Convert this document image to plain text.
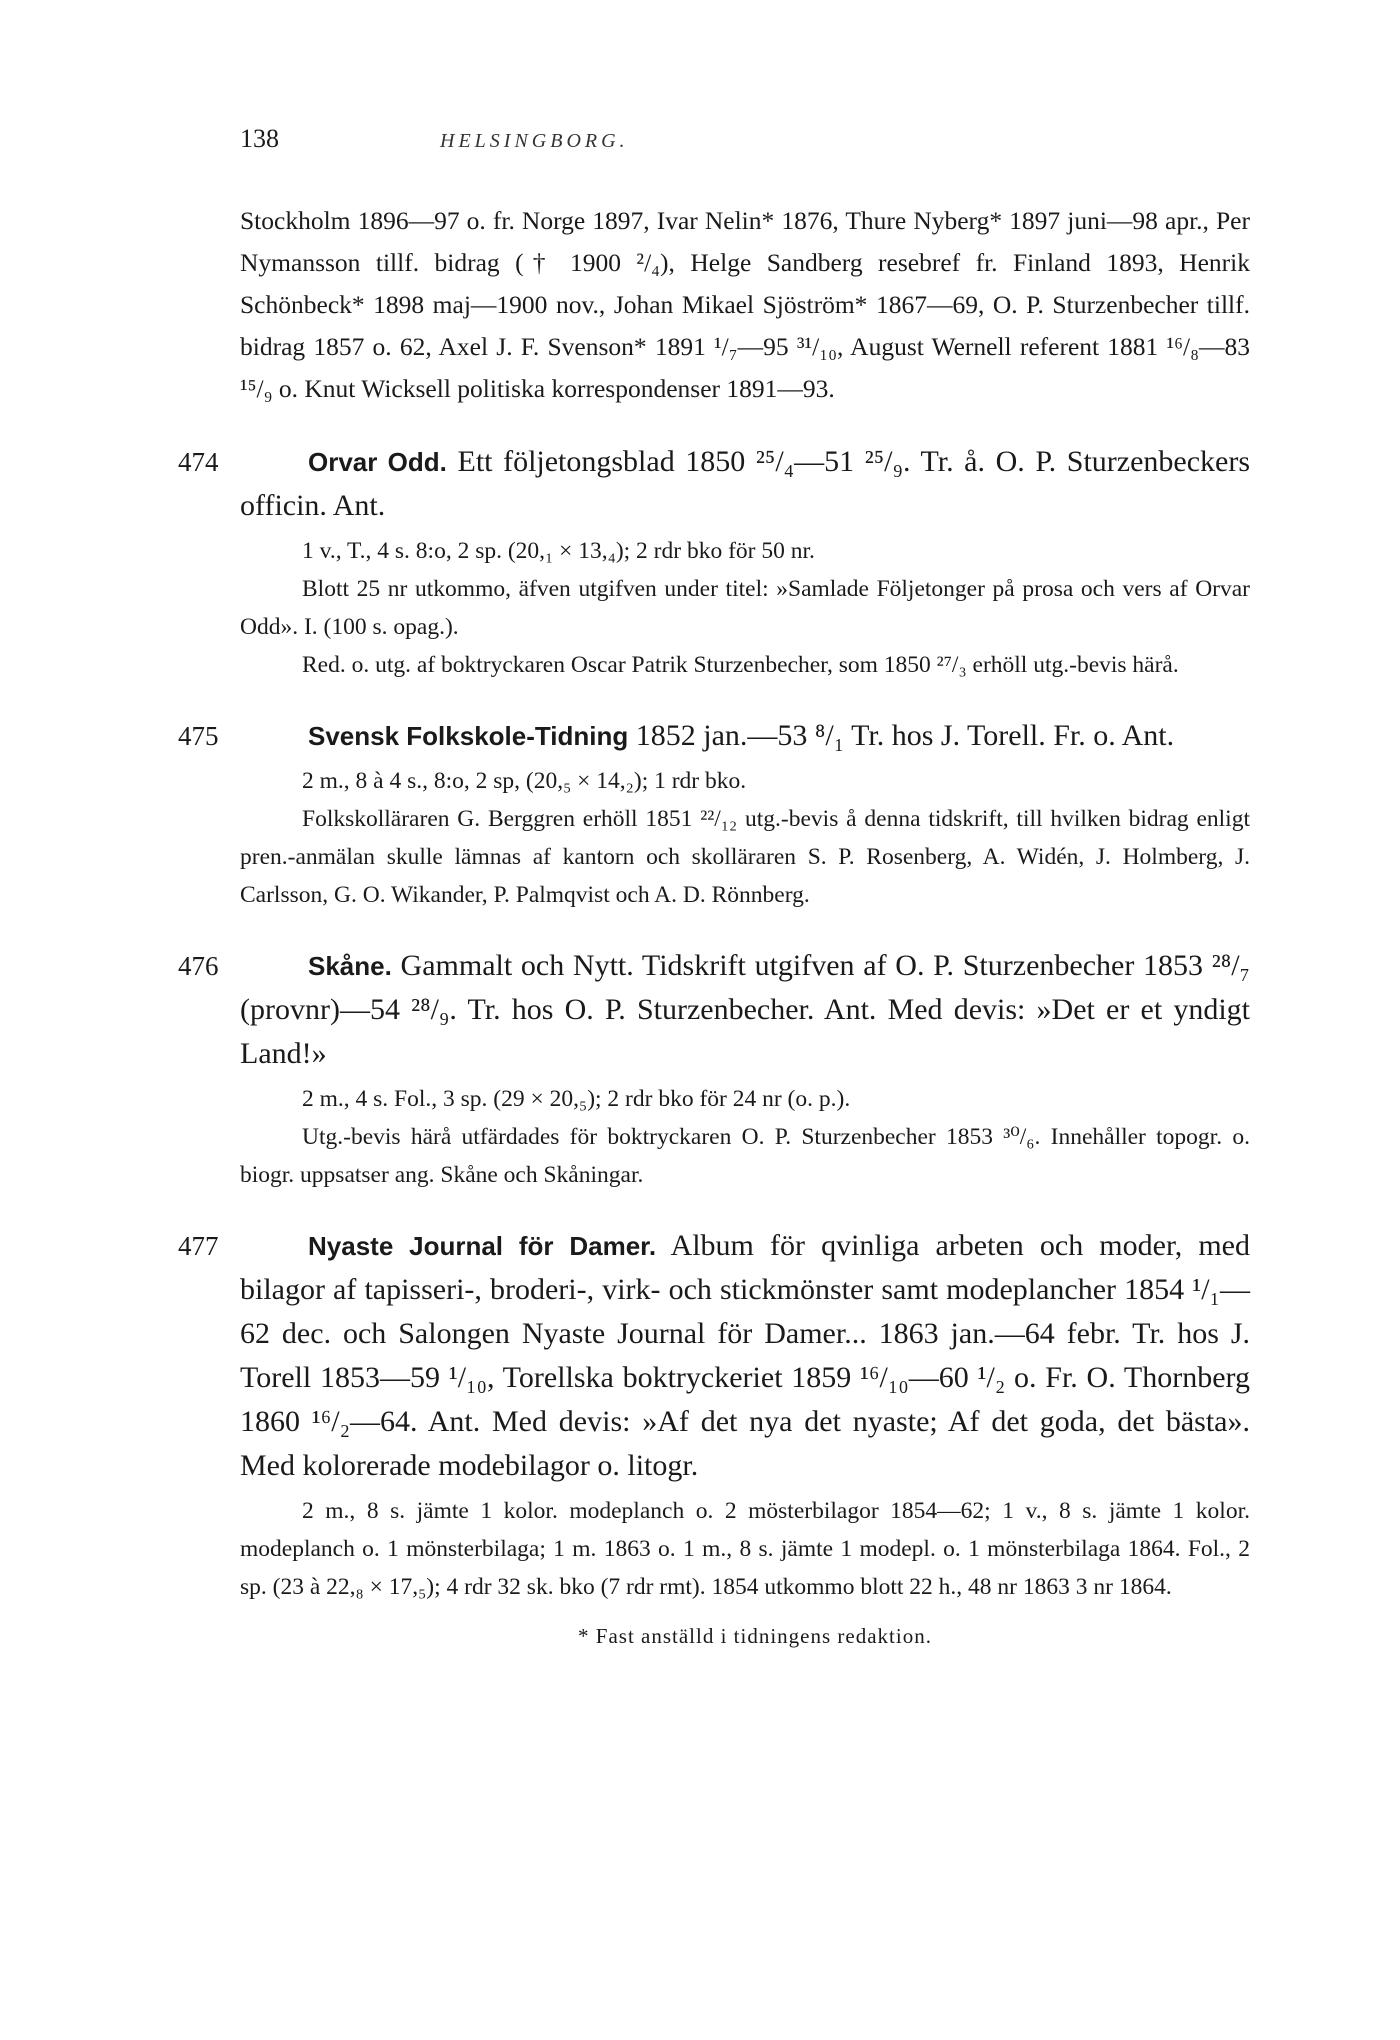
138	HELSINGBORG.
Stockholm 1896—97 o. fr. Norge 1897, Ivar Nelin* 1876, Thure Nyberg* 1897 juni—98 apr., Per Nymansson tillf. bidrag († 1900 ²/₄), Helge Sandberg resebref fr. Finland 1893, Henrik Schönbeck* 1898 maj—1900 nov., Johan Mikael Sjöström* 1867—69, O. P. Sturzenbecher tillf. bidrag 1857 o. 62, Axel J. F. Svenson* 1891 ¹/₇—95 ³¹/₁₀, August Wernell referent 1881 ¹⁶/₈—83 ¹⁵/₉ o. Knut Wicksell politiska korrespondenser 1891—93.
474	Orvar Odd. Ett följetongsblad 1850 ²⁵/₄—51 ²⁵/₉. Tr. å. O. P. Sturzenbeckers officin. Ant.

1 v., T., 4 s. 8:o, 2 sp. (20,₁ × 13,₄); 2 rdr bko för 50 nr.

Blott 25 nr utkommo, äfven utgifven under titel: »Samlade Följetonger på prosa och vers af Orvar Odd». I. (100 s. opag.).

Red. o. utg. af boktryckaren Oscar Patrik Sturzenbecher, som 1850 ²⁷/₃ erhöll utg.-bevis härå.

475	Svensk Folkskole-Tidning 1852 jan.—53 ⁸/₁ Tr. hos J. Torell. Fr. o. Ant.

2 m., 8 à 4 s., 8:o, 2 sp, (20,₅ × 14,₂); 1 rdr bko.

Folkskolläraren G. Berggren erhöll 1851 ²²/₁₂ utg.-bevis å denna tidskrift, till hvilken bidrag enligt pren.-anmälan skulle lämnas af kantorn och skolläraren S. P. Rosenberg, A. Widén, J. Holmberg, J. Carlsson, G. O. Wikander, P. Palmqvist och A. D. Rönnberg.

476	Skåne. Gammalt och Nytt. Tidskrift utgifven af O. P. Sturzenbecher 1853 ²⁸/₇ (provnr)—54 ²⁸/₉. Tr. hos O. P. Sturzenbecher. Ant. Med devis: »Det er et yndigt Land!»

2 m., 4 s. Fol., 3 sp. (29 × 20,₅); 2 rdr bko för 24 nr (o. p.).

Utg.-bevis härå utfärdades för boktryckaren O. P. Sturzenbecher 1853 ³⁰/₆. Innehåller topogr. o. biogr. uppsatser ang. Skåne och Skåningar.

477	Nyaste Journal för Damer. Album för qvinliga arbeten och moder, med bilagor af tapisseri-, broderi-, virk- och stickmönster samt modeplancher 1854 ¹/₁—62 dec. och Salongen Nyaste Journal för Damer... 1863 jan.—64 febr. Tr. hos J. Torell 1853—59 ¹/₁₀, Torellska boktryckeriet 1859 ¹⁶/₁₀—60 ¹/₂ o. Fr. O. Thornberg 1860 ¹⁶/₂—64. Ant. Med devis: »Af det nya det nyaste; Af det goda, det bästa». Med kolorerade modebilagor o. litogr.

2 m., 8 s. jämte 1 kolor. modeplanch o. 2 mösterbilagor 1854—62; 1 v., 8 s. jämte 1 kolor. modeplanch o. 1 mönsterbilaga; 1 m. 1863 o. 1 m., 8 s. jämte 1 modepl. o. 1 mönsterbilaga 1864. Fol., 2 sp. (23 à 22,₈ × 17,₅); 4 rdr 32 sk. bko (7 rdr rmt). 1854 utkommo blott 22 h., 48 nr 1863 3 nr 1864.

* Fast anställd i tidningens redaktion.
